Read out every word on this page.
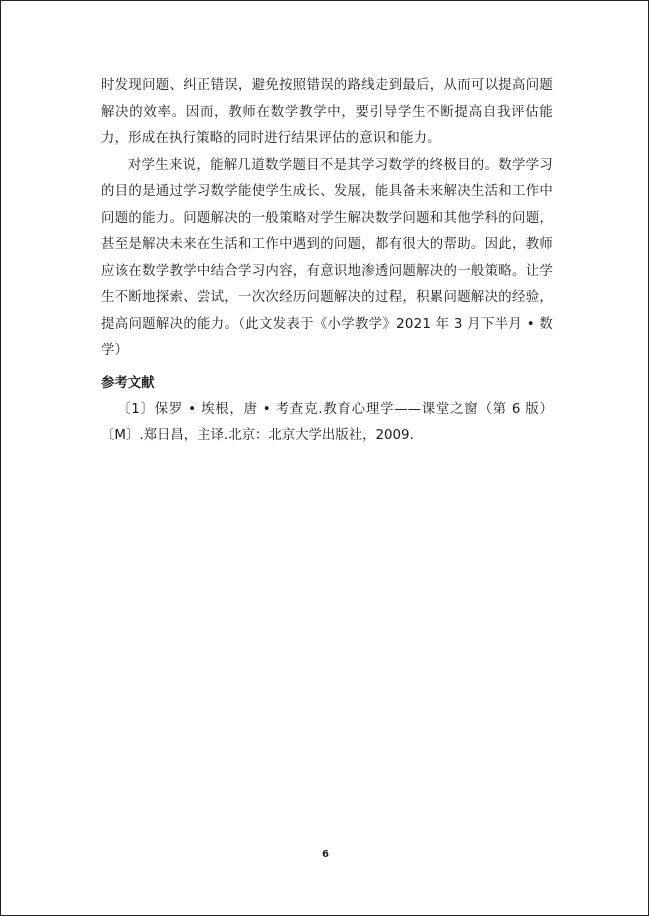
时发现问题、纠正错误，避免按照错误的路线走到最后，从而可以提高问题解决的效率。因而，教师在数学教学中，要引导学生不断提高自我评估能力，形成在执行策略的同时进行结果评估的意识和能力。

对学生来说，能解几道数学题目不是其学习数学的终极目的。数学学习的目的是通过学习数学能使学生成长、发展，能具备未来解决生活和工作中问题的能力。问题解决的一般策略对学生解决数学问题和其他学科的问题，甚至是解决未来在生活和工作中遇到的问题，都有很大的帮助。因此，教师应该在数学教学中结合学习内容，有意识地渗透问题解决的一般策略。让学生不断地探索、尝试，一次次经历问题解决的过程，积累问题解决的经验，提高问题解决的能力。（此文发表于《小学教学》2021 年 3 月下半月 • 数学）

参考文献

〔1〕保罗 • 埃根，唐 • 考查克.教育心理学——课堂之窗（第 6 版）〔M〕.郑日昌，主译.北京：北京大学出版社，2009.

6
